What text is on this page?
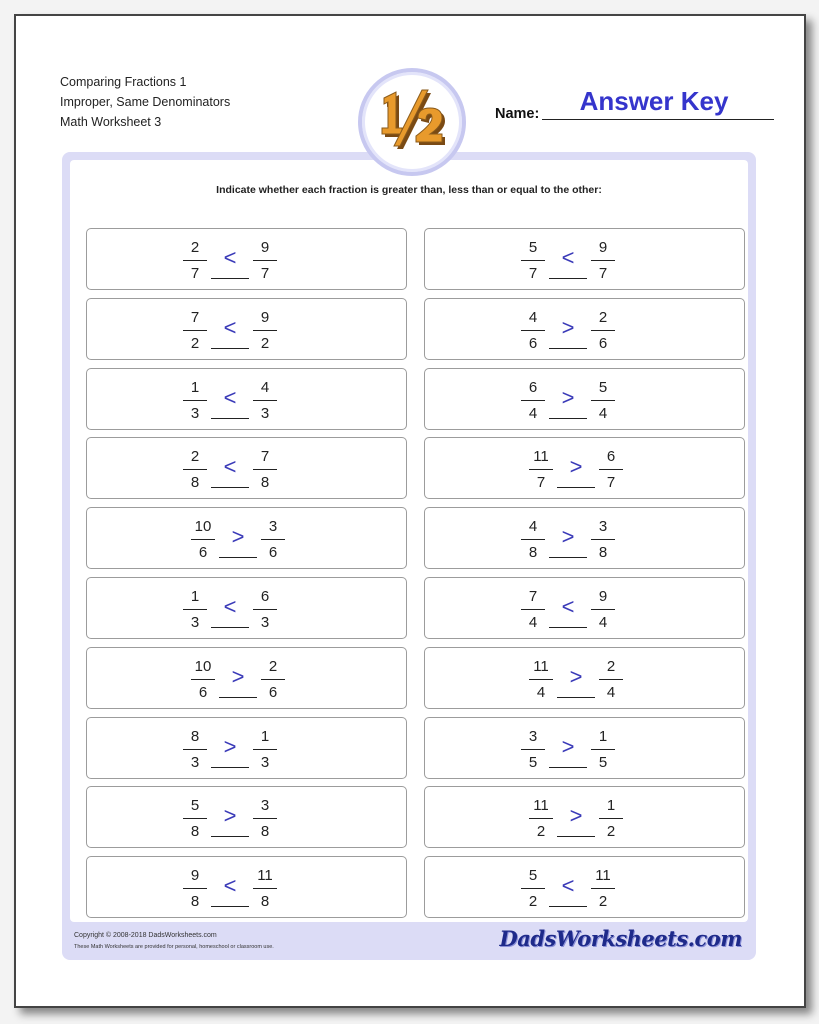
Comparing Fractions 1
Improper, Same Denominators
Math Worksheet 3	Name:	Answer Key
Indicate whether each fraction is greater than, less than or equal to the other:
2
7
<	9
7
5
7
<	9
7
7
2
<	9
2
4
6
>	2
6
1
3
<	4
3
6
4
>	5
4
2
8
<	7
8
11
7
>	6
7
10
6
>	3
6
4
8
>	3
8
1
3
<	6
3
7
4
<	9
4
10
6
>	2
6
11
4
>	2
4
8
3
>	1
3
3
5
>	1
5
5
8
>	3
8
11
2
>	1
2
9
8
<	11
8
5
2
<	11
2
Copyright © 2008-2018 DadsWorksheets.com
These Math Worksheets are provided for personal, homeschool or classroom use.	DadsWorksheets.com
